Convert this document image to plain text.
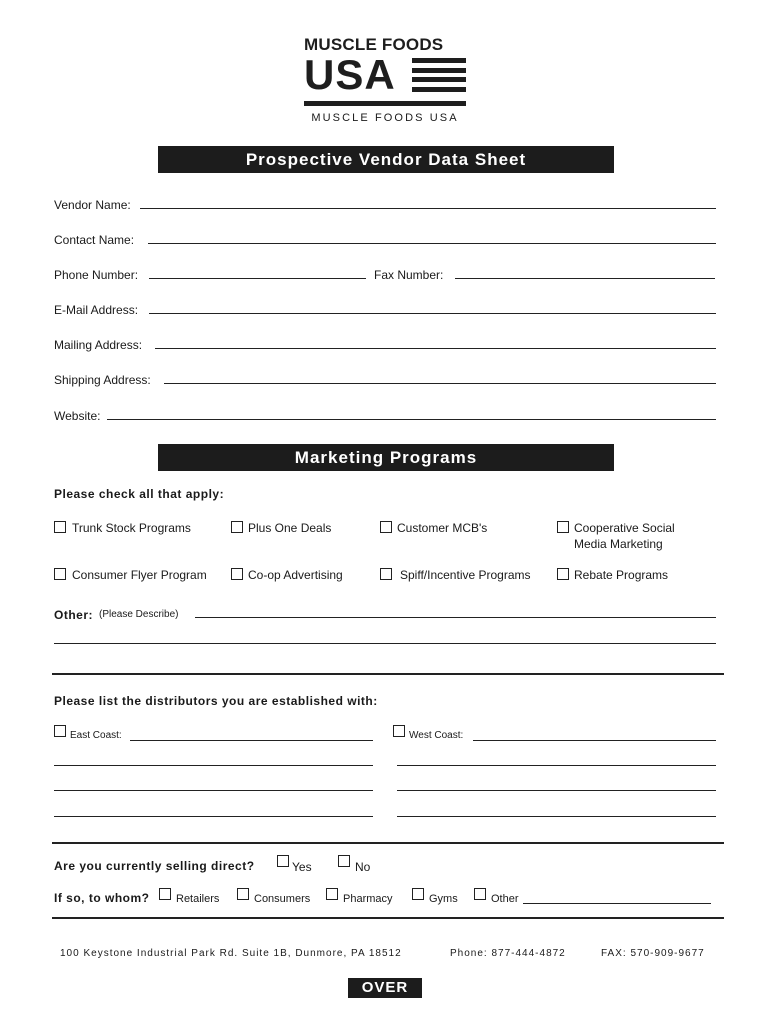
MUSCLE FOODS
USA
MUSCLE FOODS USA
Prospective Vendor Data Sheet
Vendor Name:
Contact Name:
Phone Number:	Fax Number:
E-Mail Address:
Mailing Address:
Shipping Address:
Website:
Marketing Programs
Please check all that apply:
Trunk Stock Programs	Plus One Deals	Customer MCB's	Cooperative Social
Media Marketing
Consumer Flyer Program	Co-op Advertising	Spiff/Incentive Programs	Rebate Programs
Other: (Please Describe)
Please list the distributors you are established with:
East Coast:	West Coast:
Are you currently selling direct?	Yes	No
If so, to whom? Retailers	Consumers	Pharmacy	Gyms	Other
100 Keystone Industrial Park Rd. Suite 1B, Dunmore, PA 18512	Phone: 877-444-4872	FAX: 570-909-9677
OVER
